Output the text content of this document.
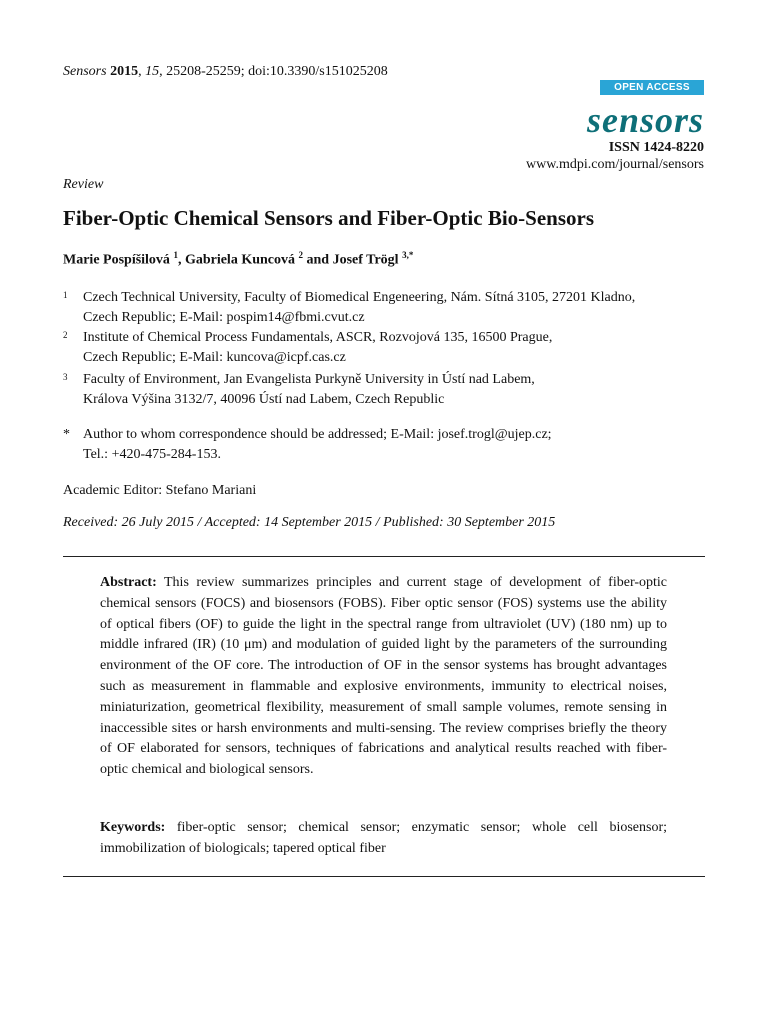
Sensors 2015, 15, 25208-25259; doi:10.3390/s151025208
OPEN ACCESS
sensors
ISSN 1424-8220
www.mdpi.com/journal/sensors
Review
Fiber-Optic Chemical Sensors and Fiber-Optic Bio-Sensors
Marie Pospíšilová $^1$, Gabriela Kuncová $^2$ and Josef Trögl $^{3,*}$
1 Czech Technical University, Faculty of Biomedical Engeneering, Nám. Sítná 3105, 27201 Kladno,
Czech Republic; E-Mail: pospim14@fbmi.cvut.cz
2 Institute of Chemical Process Fundamentals, ASCR, Rozvojová 135, 16500 Prague,
Czech Republic; E-Mail: kuncova@icpf.cas.cz
3 Faculty of Environment, Jan Evangelista Purkyně University in Ústí nad Labem,
Králova Výšina 3132/7, 40096 Ústí nad Labem, Czech Republic
* Author to whom correspondence should be addressed; E-Mail: josef.trogl@ujep.cz;
Tel.: +420-475-284-153.
Academic Editor: Stefano Mariani
Received: 26 July 2015 / Accepted: 14 September 2015 / Published: 30 September 2015
Abstract: This review summarizes principles and current stage of development of fiber-optic chemical sensors (FOCS) and biosensors (FOBS). Fiber optic sensor (FOS) systems use the ability of optical fibers (OF) to guide the light in the spectral range from ultraviolet (UV) (180 nm) up to middle infrared (IR) (10 μm) and modulation of guided light by the parameters of the surrounding environment of the OF core. The introduction of OF in the sensor systems has brought advantages such as measurement in flammable and explosive environments, immunity to electrical noises, miniaturization, geometrical flexibility, measurement of small sample volumes, remote sensing in inaccessible sites or harsh environments and multi-sensing. The review comprises briefly the theory of OF elaborated for sensors, techniques of fabrications and analytical results reached with fiber-optic chemical and biological sensors.
Keywords: fiber-optic sensor; chemical sensor; enzymatic sensor; whole cell biosensor; immobilization of biologicals; tapered optical fiber
